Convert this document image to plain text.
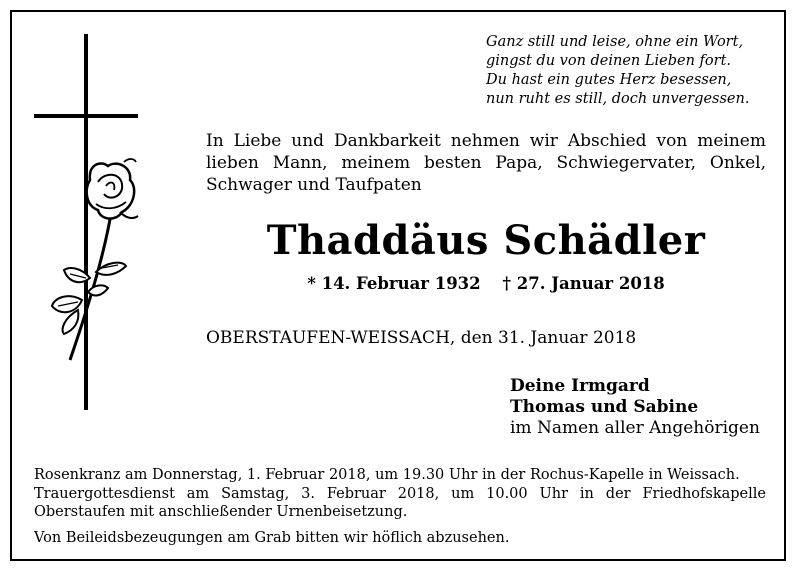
Ganz still und leise, ohne ein Wort,
gingst du von deinen Lieben fort.
Du hast ein gutes Herz besessen,
nun ruht es still, doch unvergessen.
In Liebe und Dankbarkeit nehmen wir Abschied von meinem lieben Mann, meinem besten Papa, Schwiegervater, Onkel, Schwager und Taufpaten
Thaddäus Schädler
* 14. Februar 1932 † 27. Januar 2018
OBERSTAUFEN-WEISSACH, den 31. Januar 2018
Deine Irmgard
Thomas und Sabine
im Namen aller Angehörigen
Rosenkranz am Donnerstag, 1. Februar 2018, um 19.30 Uhr in der Rochus-Kapelle in Weissach.
Trauergottesdienst am Samstag, 3. Februar 2018, um 10.00 Uhr in der Friedhofskapelle Oberstaufen mit anschließender Urnenbeisetzung.
Von Beileidsbezeugungen am Grab bitten wir höflich abzusehen.
